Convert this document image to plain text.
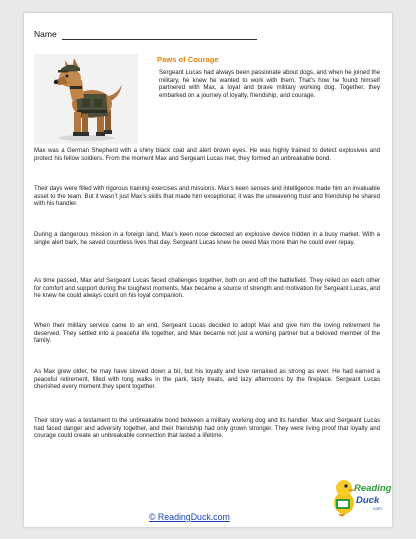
Name
Paws of Courage

Sergeant Lucas had always been passionate about dogs, and when he joined the military, he knew he wanted to work with them. That’s how he found himself partnered with Max, a loyal and brave military working dog. Together, they embarked on a journey of loyalty, friendship, and courage.

Max was a German Shepherd with a shiny black coat and alert brown eyes. He was highly trained to detect explosives and protect his fellow soldiers. From the moment Max and Sergeant Lucas met, they formed an unbreakable bond.

Their days were filled with rigorous training exercises and missions. Max’s keen senses and intelligence made him an invaluable asset to the team. But it wasn’t just Max’s skills that made him exceptional; it was the unwavering trust and friendship he shared with his handler.

During a dangerous mission in a foreign land, Max’s keen nose detected an explosive device hidden in a busy market. With a single alert bark, he saved countless lives that day. Sergeant Lucas knew he owed Max more than he could ever repay.

As time passed, Max and Sergeant Lucas faced challenges together, both on and off the battlefield. They relied on each other for comfort and support during the toughest moments. Max became a source of strength and motivation for Sergeant Lucas, and he knew he could always count on his loyal companion.

When their military service came to an end, Sergeant Lucas decided to adopt Max and give him the loving retirement he deserved. They settled into a peaceful life together, and Max became not just a working partner but a beloved member of the family.

As Max grew older, he may have slowed down a bit, but his loyalty and love remained as strong as ever. He had earned a peaceful retirement, filled with long walks in the park, tasty treats, and lazy afternoons by the fireplace. Sergeant Lucas cherished every moment they spent together.

Their story was a testament to the unbreakable bond between a military working dog and its handler. Max and Sergeant Lucas had faced danger and adversity together, and their friendship had only grown stronger. They were living proof that loyalty and courage could create an unbreakable connection that lasted a lifetime.

© ReadingDuck.com
Reading
Duck
.com
